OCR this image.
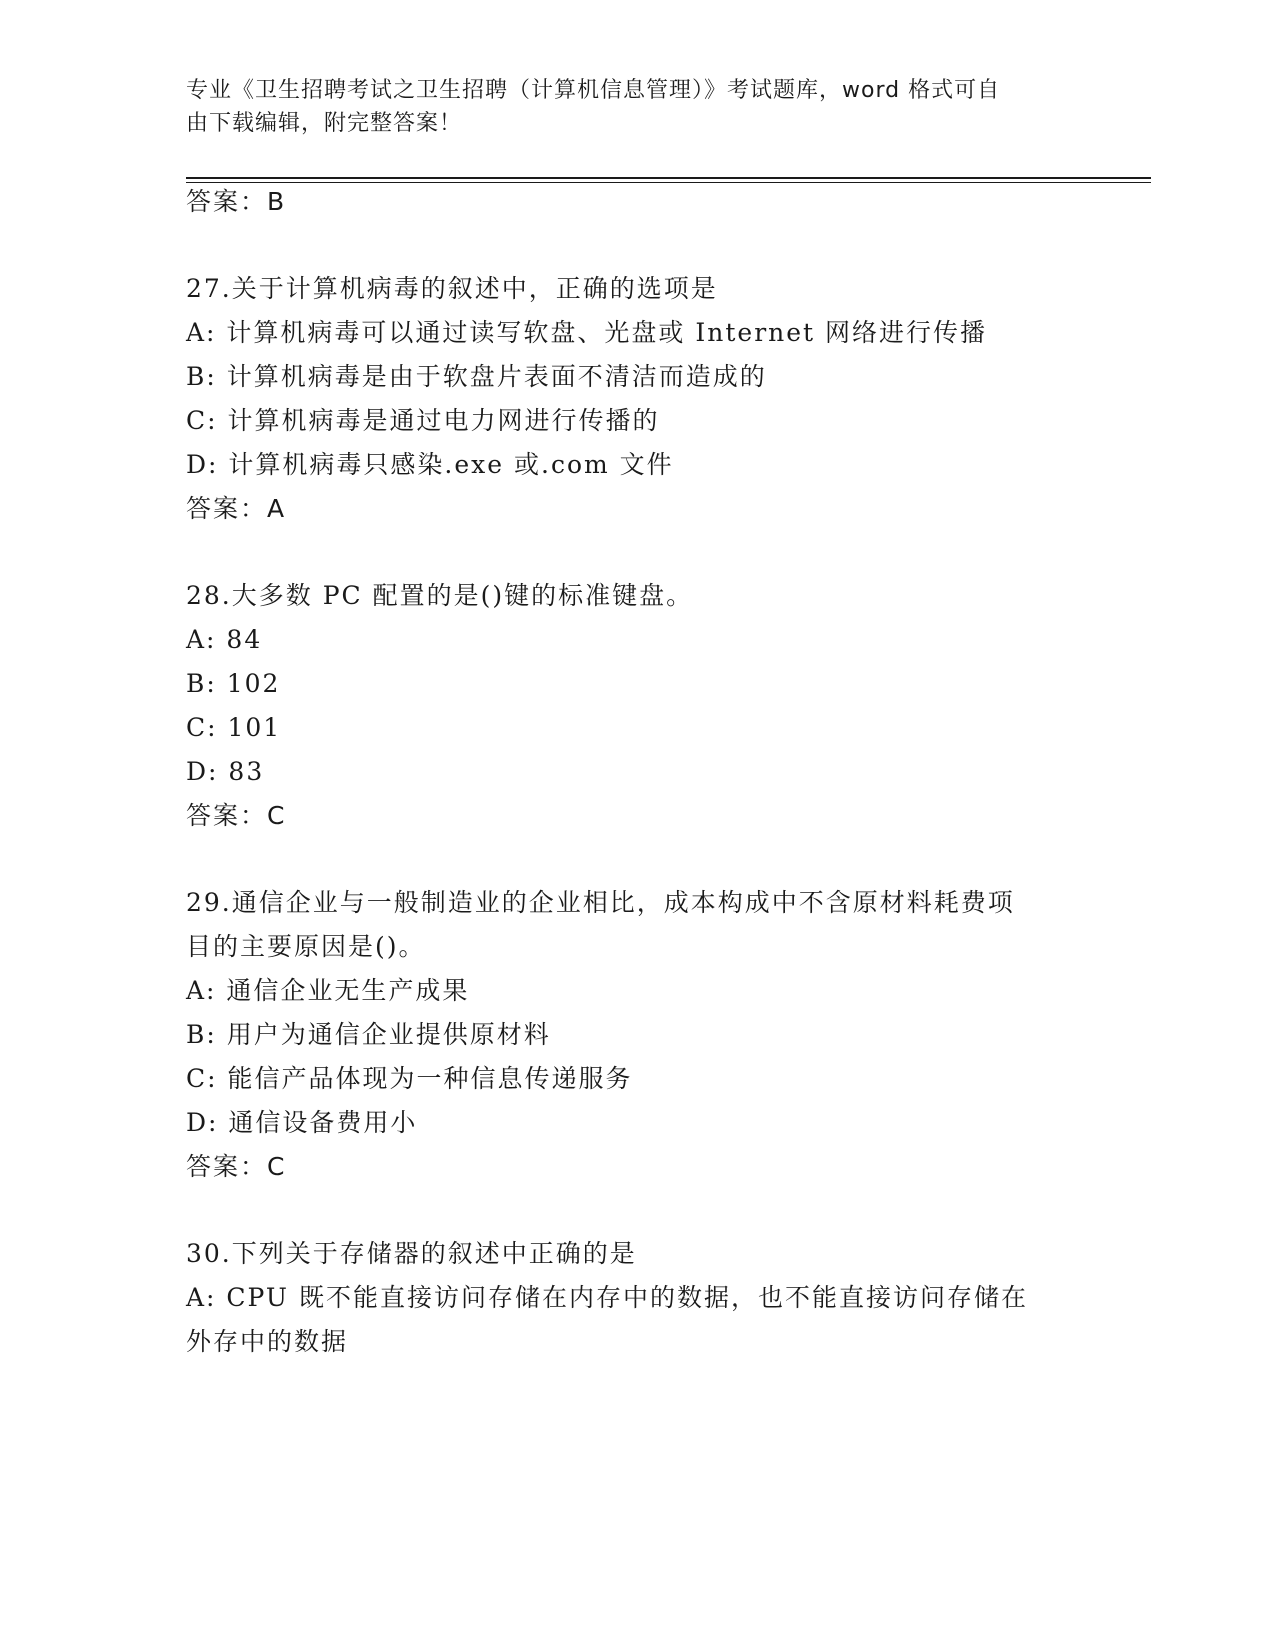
专业《卫生招聘考试之卫生招聘（计算机信息管理）》考试题库，word 格式可自
由下载编辑，附完整答案！
答案：B
27.关于计算机病毒的叙述中，正确的选项是
A: 计算机病毒可以通过读写软盘、光盘或 Internet 网络进行传播
B: 计算机病毒是由于软盘片表面不清洁而造成的
C: 计算机病毒是通过电力网进行传播的
D: 计算机病毒只感染.exe 或.com 文件
答案：A
28.大多数 PC 配置的是()键的标准键盘。
A: 84
B: 102
C: 101
D: 83
答案：C
29.通信企业与一般制造业的企业相比，成本构成中不含原材料耗费项
目的主要原因是()。
A: 通信企业无生产成果
B: 用户为通信企业提供原材料
C: 能信产品体现为一种信息传递服务
D: 通信设备费用小
答案：C
30.下列关于存储器的叙述中正确的是
A: CPU 既不能直接访问存储在内存中的数据，也不能直接访问存储在
外存中的数据
